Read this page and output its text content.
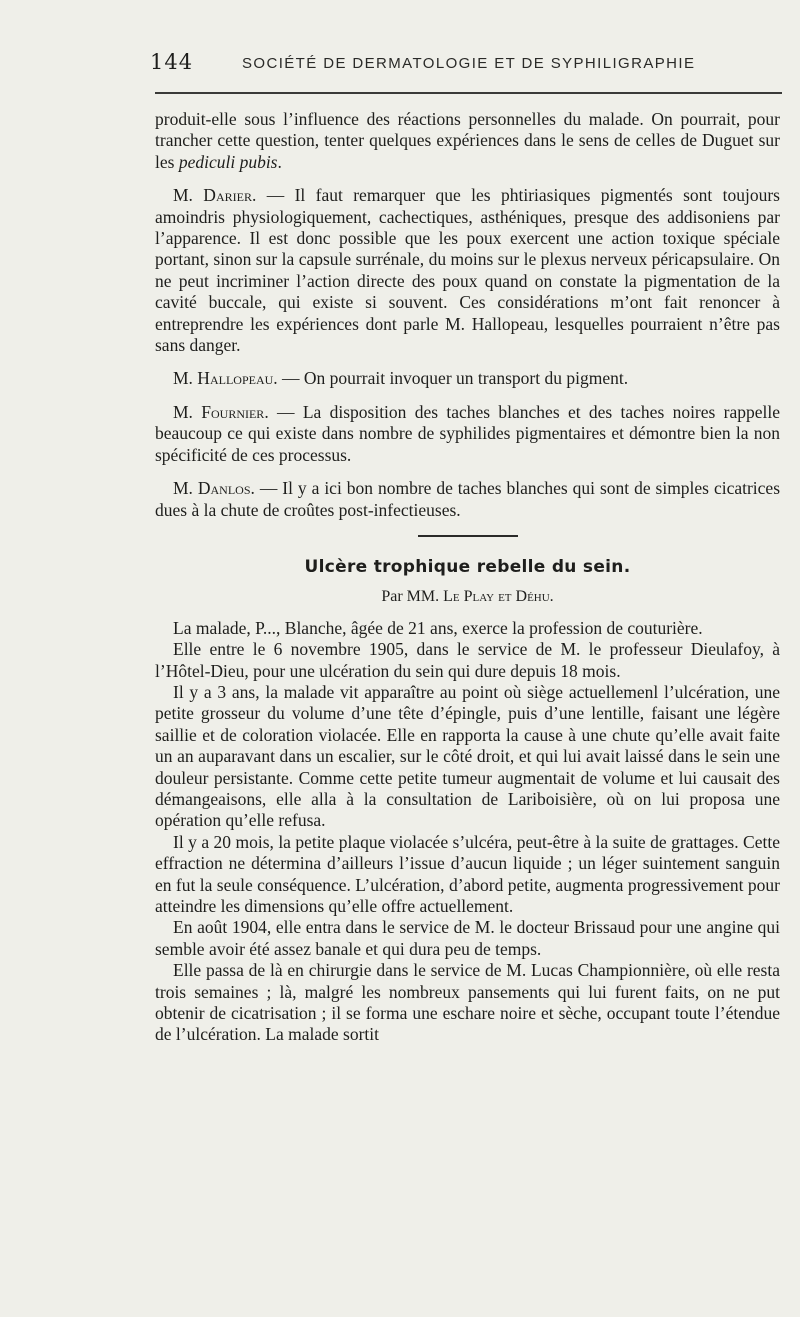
144	SOCIÉTÉ DE DERMATOLOGIE ET DE SYPHILIGRAPHIE

produit-elle sous l’influence des réactions personnelles du malade. On pourrait, pour trancher cette question, tenter quelques expériences dans le sens de celles de Duguet sur les pediculi pubis.

M. Darier. — Il faut remarquer que les phtiriasiques pigmentés sont toujours amoindris physiologiquement, cachectiques, asthéniques, presque des addisoniens par l’apparence. Il est donc possible que les poux exercent une action toxique spéciale portant, sinon sur la capsule surrénale, du moins sur le plexus nerveux péricapsulaire. On ne peut incriminer l’action directe des poux quand on constate la pigmentation de la cavité buccale, qui existe si souvent. Ces considérations m’ont fait renoncer à entreprendre les expériences dont parle M. Hallopeau, lesquelles pourraient n’être pas sans danger.

M. Hallopeau. — On pourrait invoquer un transport du pigment.

M. Fournier. — La disposition des taches blanches et des taches noires rappelle beaucoup ce qui existe dans nombre de syphilides pigmentaires et démontre bien la non spécificité de ces processus.

M. Danlos. — Il y a ici bon nombre de taches blanches qui sont de simples cicatrices dues à la chute de croûtes post-infectieuses.

Ulcère trophique rebelle du sein.
Par MM. Le Play et Déhu.

La malade, P..., Blanche, âgée de 21 ans, exerce la profession de couturière.

Elle entre le 6 novembre 1905, dans le service de M. le professeur Dieulafoy, à l’Hôtel-Dieu, pour une ulcération du sein qui dure depuis 18 mois.

Il y a 3 ans, la malade vit apparaître au point où siège actuellemenl l’ulcération, une petite grosseur du volume d’une tête d’épingle, puis d’une lentille, faisant une légère saillie et de coloration violacée. Elle en rapporta la cause à une chute qu’elle avait faite un an auparavant dans un escalier, sur le côté droit, et qui lui avait laissé dans le sein une douleur persistante. Comme cette petite tumeur augmentait de volume et lui causait des démangeaisons, elle alla à la consultation de Lariboisière, où on lui proposa une opération qu’elle refusa.

Il y a 20 mois, la petite plaque violacée s’ulcéra, peut-être à la suite de grattages. Cette effraction ne détermina d’ailleurs l’issue d’aucun liquide ; un léger suintement sanguin en fut la seule conséquence. L’ulcération, d’abord petite, augmenta progressivement pour atteindre les dimensions qu’elle offre actuellement.

En août 1904, elle entra dans le service de M. le docteur Brissaud pour une angine qui semble avoir été assez banale et qui dura peu de temps.

Elle passa de là en chirurgie dans le service de M. Lucas Championnière, où elle resta trois semaines ; là, malgré les nombreux pansements qui lui furent faits, on ne put obtenir de cicatrisation ; il se forma une eschare noire et sèche, occupant toute l’étendue de l’ulcération. La malade sortit
